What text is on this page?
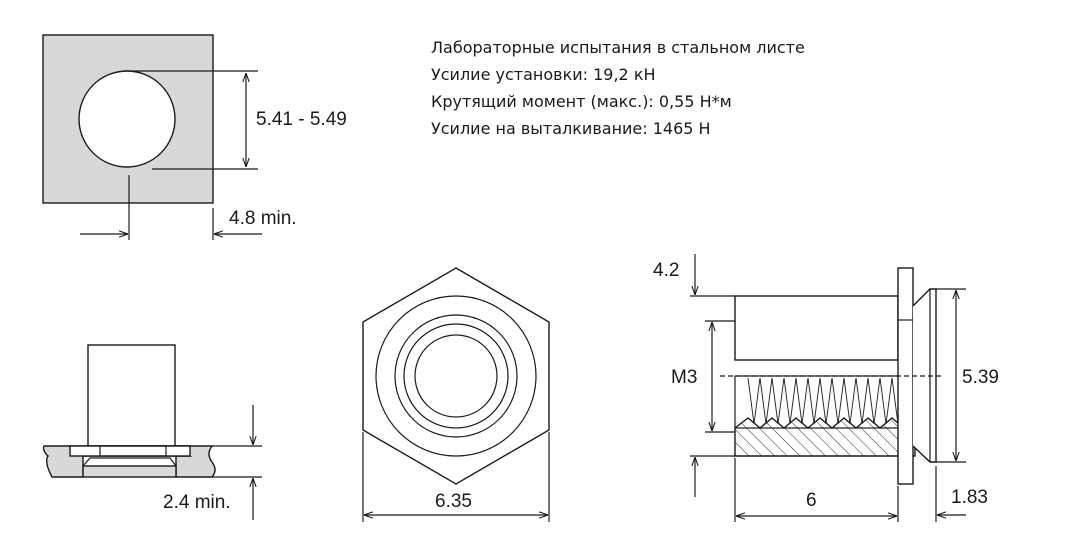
Лабораторные испытания в стальном листе
Усилие установки: 19,2 кН
Крутящий момент (макс.): 0,55 Н*м
Усилие на выталкивание: 1465 Н
5.41 - 5.49
4.8 min.
2.4 min.	6.35
4.2
M3	5.39
6	1.83
